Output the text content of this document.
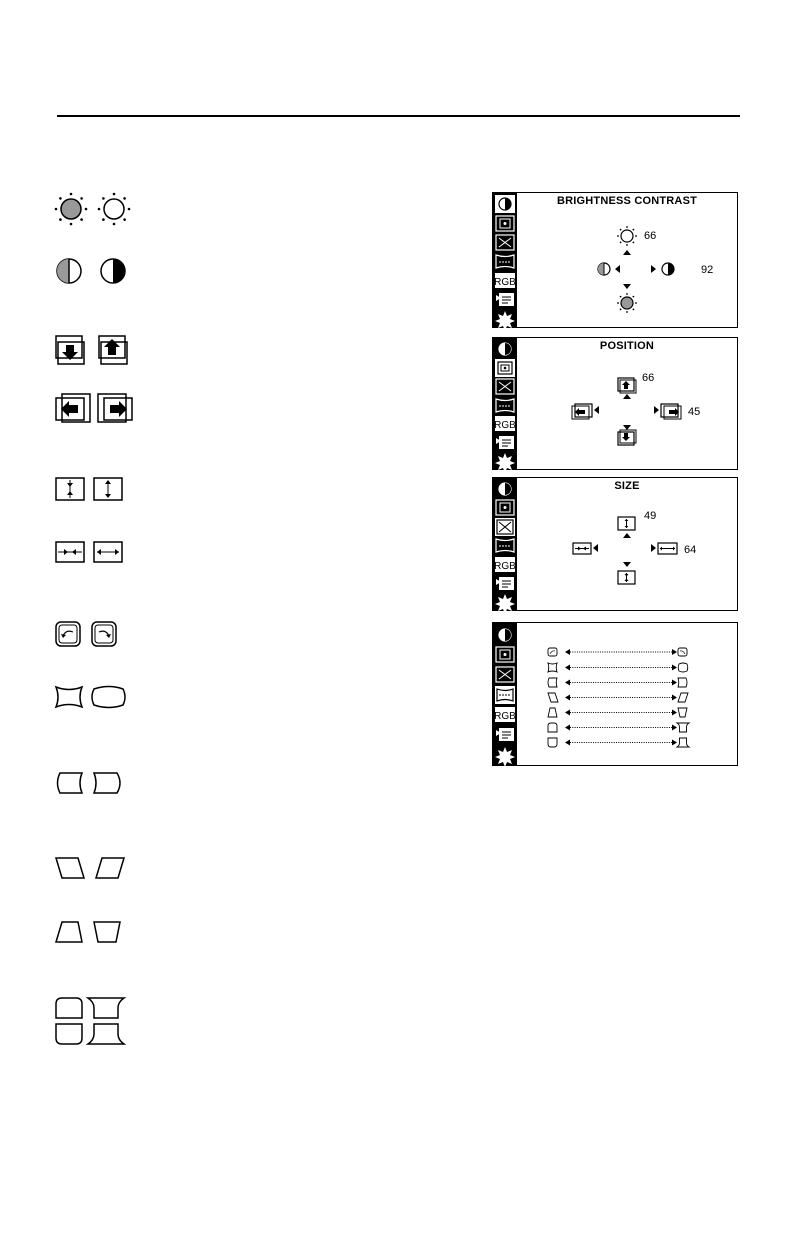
RGB
BRIGHTNESS CONTRAST
66
92
RGB
POSITION
66
45
RGB
SIZE
49
64
RGB
